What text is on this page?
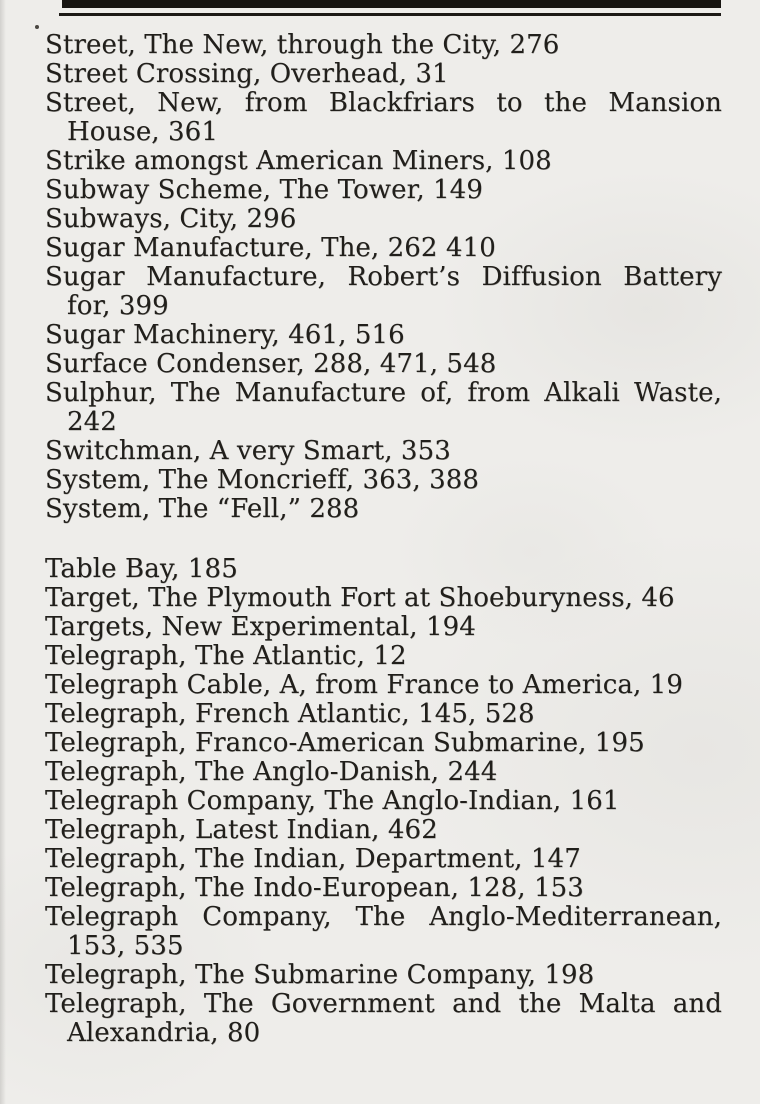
Street, The New, through the City, 276

Street Crossing, Overhead, 31

Street, New, from Blackfriars to the Mansion
House, 361

Strike amongst American Miners, 108

Subway Scheme, The Tower, 149

Subways, City, 296

Sugar Manufacture, The, 262 410

Sugar Manufacture, Robert’s Diffusion Battery
for, 399

Sugar Machinery, 461, 516

Surface Condenser, 288, 471, 548

Sulphur, The Manufacture of, from Alkali Waste,
242

Switchman, A very Smart, 353

System, The Moncrieff, 363, 388

System, The “Fell,” 288

Table Bay, 185

Target, The Plymouth Fort at Shoeburyness, 46

Targets, New Experimental, 194

Telegraph, The Atlantic, 12

Telegraph Cable, A, from France to America, 19

Telegraph, French Atlantic, 145, 528

Telegraph, Franco-American Submarine, 195

Telegraph, The Anglo-Danish, 244

Telegraph Company, The Anglo-Indian, 161

Telegraph, Latest Indian, 462

Telegraph, The Indian, Department, 147

Telegraph, The Indo-European, 128, 153

Telegraph Company, The Anglo-Mediterranean,
153, 535

Telegraph, The Submarine Company, 198

Telegraph, The Government and the Malta and
Alexandria, 80
